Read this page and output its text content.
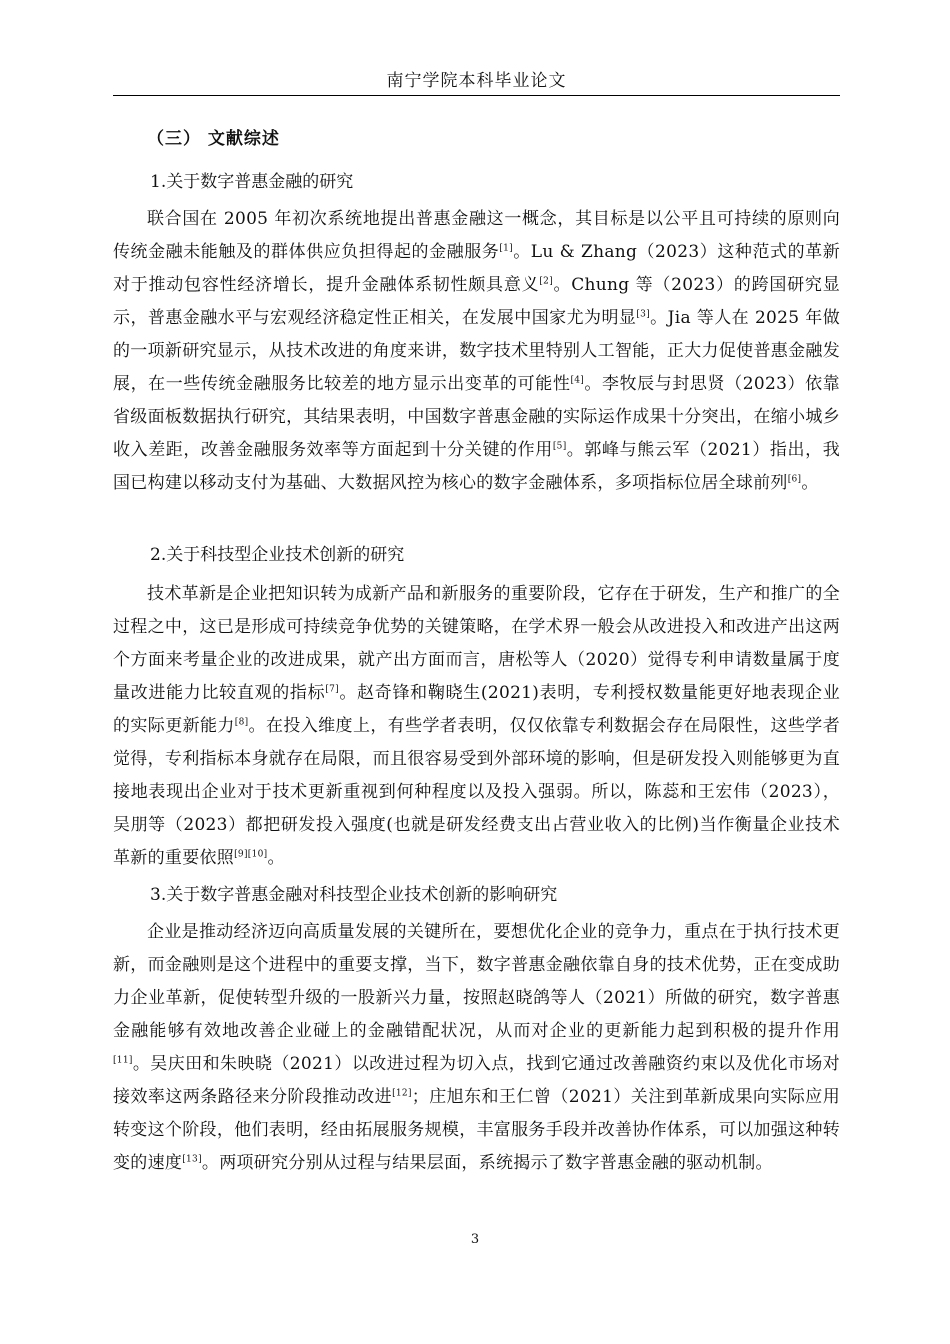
南宁学院本科毕业论文
（三） 文献综述
1.关于数字普惠金融的研究
联合国在 2005 年初次系统地提出普惠金融这一概念，其目标是以公平且可持续的原则向传统金融未能触及的群体供应负担得起的金融服务[1]。Lu & Zhang（2023）这种范式的革新对于推动包容性经济增长，提升金融体系韧性颇具意义[2]。Chung 等（2023）的跨国研究显示，普惠金融水平与宏观经济稳定性正相关，在发展中国家尤为明显[3]。Jia 等人在 2025 年做的一项新研究显示，从技术改进的角度来讲，数字技术里特别人工智能，正大力促使普惠金融发展，在一些传统金融服务比较差的地方显示出变革的可能性[4]。李牧辰与封思贤（2023）依靠省级面板数据执行研究，其结果表明，中国数字普惠金融的实际运作成果十分突出，在缩小城乡收入差距，改善金融服务效率等方面起到十分关键的作用[5]。郭峰与熊云军（2021）指出，我国已构建以移动支付为基础、大数据风控为核心的数字金融体系，多项指标位居全球前列[6]。
2.关于科技型企业技术创新的研究
技术革新是企业把知识转为成新产品和新服务的重要阶段，它存在于研发，生产和推广的全过程之中，这已是形成可持续竞争优势的关键策略，在学术界一般会从改进投入和改进产出这两个方面来考量企业的改进成果，就产出方面而言，唐松等人（2020）觉得专利申请数量属于度量改进能力比较直观的指标[7]。赵奇锋和鞠晓生(2021)表明，专利授权数量能更好地表现企业的实际更新能力[8]。在投入维度上，有些学者表明，仅仅依靠专利数据会存在局限性，这些学者觉得，专利指标本身就存在局限，而且很容易受到外部环境的影响，但是研发投入则能够更为直接地表现出企业对于技术更新重视到何种程度以及投入强弱。所以，陈蕊和王宏伟（2023），吴朋等（2023）都把研发投入强度(也就是研发经费支出占营业收入的比例)当作衡量企业技术革新的重要依照[9][10]。
3.关于数字普惠金融对科技型企业技术创新的影响研究
企业是推动经济迈向高质量发展的关键所在，要想优化企业的竞争力，重点在于执行技术更新，而金融则是这个进程中的重要支撑，当下，数字普惠金融依靠自身的技术优势，正在变成助力企业革新，促使转型升级的一股新兴力量，按照赵晓鸽等人（2021）所做的研究，数字普惠金融能够有效地改善企业碰上的金融错配状况，从而对企业的更新能力起到积极的提升作用[11]。吴庆田和朱映晓（2021）以改进过程为切入点，找到它通过改善融资约束以及优化市场对接效率这两条路径来分阶段推动改进[12]；庄旭东和王仁曾（2021）关注到革新成果向实际应用转变这个阶段，他们表明，经由拓展服务规模，丰富服务手段并改善协作体系，可以加强这种转变的速度[13]。两项研究分别从过程与结果层面，系统揭示了数字普惠金融的驱动机制。
3
